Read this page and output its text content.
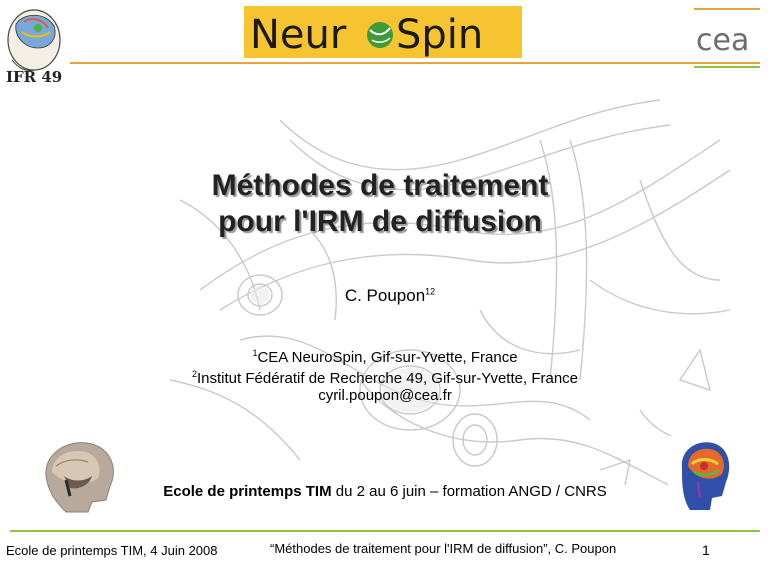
IFR 49
Neur Spin	cea
Méthodes de traitement
pour l'IRM de diffusion
C. Poupon$^{12}$
$^1$CEA NeuroSpin, Gif-sur-Yvette, France
$^2$Institut Fédératif de Recherche 49, Gif-sur-Yvette, France
cyril.poupon@cea.fr
Ecole de printemps TIM du 2 au 6 juin – formation ANGD / CNRS
Ecole de printemps TIM, 4 Juin 2008	“Méthodes de traitement pour l'IRM de diffusion”, C. Poupon	1
